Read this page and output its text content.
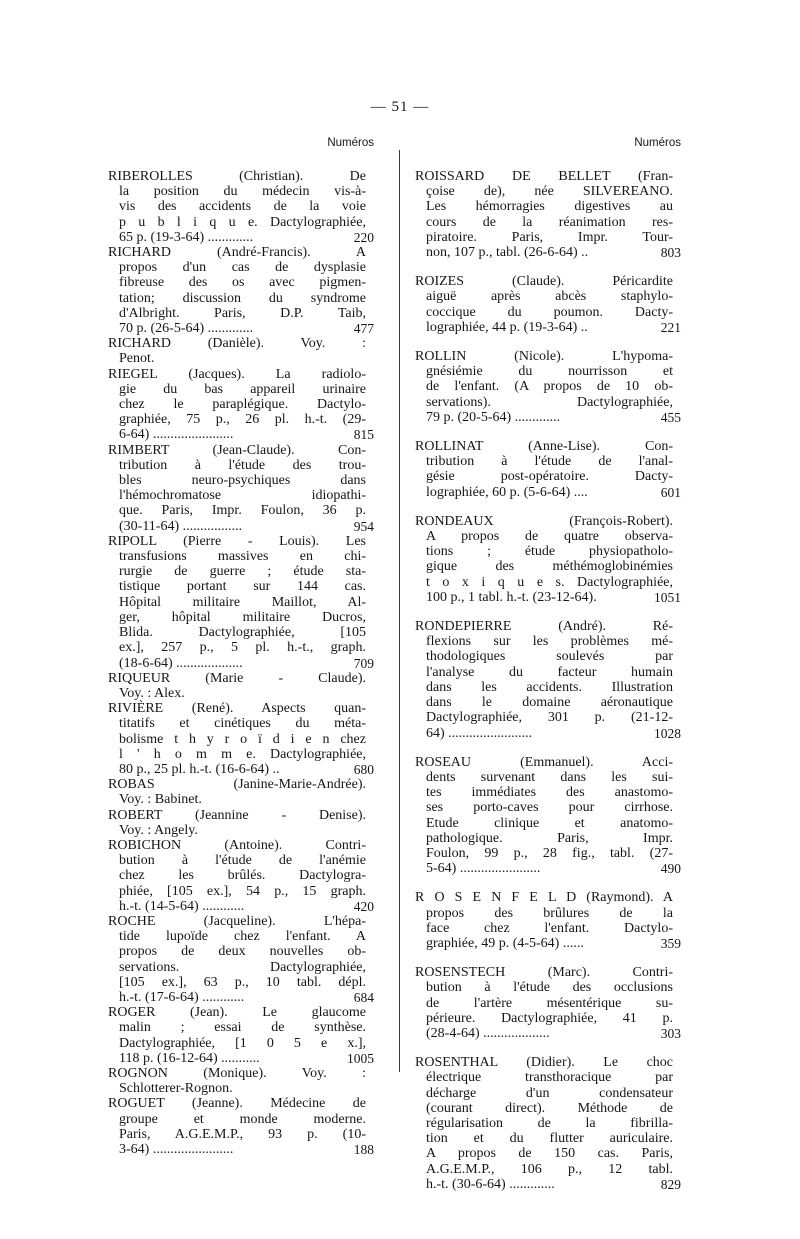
— 51 —
Numéros
RIBEROLLES (Christian). De
la position du médecin vis-à-
vis des accidents de la voie
p u b l i q u e. Dactylographiée,
65 p. (19-3-64) .............	220
RICHARD (André-Francis). A
propos d'un cas de dysplasie
fibreuse des os avec pigmen-
tation; discussion du syndrome
d'Albright. Paris, D.P. Taib,
70 p. (26-5-64) .............	477
RICHARD (Danièle). Voy. :
Penot.
RIEGEL (Jacques). La radiolo-
gie du bas appareil urinaire
chez le paraplégique. Dactylo-
graphiée, 75 p., 26 pl. h.-t. (29-
6-64) .......................	815
RIMBERT (Jean-Claude). Con-
tribution à l'étude des trou-
bles neuro-psychiques dans
l'hémochromatose idiopathi-
que. Paris, Impr. Foulon, 36 p.
(30-11-64) .................	954
RIPOLL (Pierre - Louis). Les
transfusions massives en chi-
rurgie de guerre ; étude sta-
tistique portant sur 144 cas.
Hôpital militaire Maillot, Al-
ger, hôpital militaire Ducros,
Blida. Dactylographiée, [105
ex.], 257 p., 5 pl. h.-t., graph.
(18-6-64) ...................	709
RIQUEUR (Marie - Claude).
Voy. : Alex.
RIVIÈRE (René). Aspects quan-
titatifs et cinétiques du méta-
bolisme t h y r o ï d i e n chez
l ' h o m m e. Dactylographiée,
80 p., 25 pl. h.-t. (16-6-64) ..	680
ROBAS (Janine-Marie-Andrée).
Voy. : Babinet.
ROBERT (Jeannine - Denise).
Voy. : Angely.
ROBICHON (Antoine). Contri-
bution à l'étude de l'anémie
chez les brûlés. Dactylogra-
phiée, [105 ex.], 54 p., 15 graph.
h.-t. (14-5-64) ............	420
ROCHE (Jacqueline). L'hépa-
tide lupoïde chez l'enfant. A
propos de deux nouvelles ob-
servations. Dactylographiée,
[105 ex.], 63 p., 10 tabl. dépl.
h.-t. (17-6-64) ............	684
ROGER (Jean). Le glaucome
malin ; essai de synthèse.
Dactylographiée, [1 0 5 e x.],
118 p. (16-12-64) ...........	1005
ROGNON (Monique). Voy. :
Schlotterer-Rognon.
ROGUET (Jeanne). Médecine de
groupe et monde moderne.
Paris, A.G.E.M.P., 93 p. (10-
3-64) .......................	188
Numéros
ROISSARD DE BELLET (Fran-
çoise de), née SILVEREANO.
Les hémorragies digestives au
cours de la réanimation res-
piratoire. Paris, Impr. Tour-
non, 107 p., tabl. (26-6-64) ..	803
ROIZES (Claude). Péricardite
aiguë après abcès staphylo-
coccique du poumon. Dacty-
lographiée, 44 p. (19-3-64) ..	221
ROLLIN (Nicole). L'hypoma-
gnésiémie du nourrisson et
de l'enfant. (A propos de 10 ob-
servations). Dactylographiée,
79 p. (20-5-64) .............	455
ROLLINAT (Anne-Lise). Con-
tribution à l'étude de l'anal-
gésie post-opératoire. Dacty-
lographiée, 60 p. (5-6-64) ....	601
RONDEAUX (François-Robert).
A propos de quatre observa-
tions ; étude physiopatholo-
gique des méthémoglobinémies
t o x i q u e s. Dactylographiée,
100 p., 1 tabl. h.-t. (23-12-64).	1051
RONDEPIERRE (André). Ré-
flexions sur les problèmes mé-
thodologiques soulevés par
l'analyse du facteur humain
dans les accidents. Illustration
dans le domaine aéronautique
Dactylographiée, 301 p. (21-12-
64) ........................	1028
ROSEAU (Emmanuel). Acci-
dents survenant dans les sui-
tes immédiates des anastomo-
ses porto-caves pour cirrhose.
Etude clinique et anatomo-
pathologique. Paris, Impr.
Foulon, 99 p., 28 fig., tabl. (27-
5-64) .......................	490
R O S E N F E L D (Raymond). A
propos des brûlures de la
face chez l'enfant. Dactylo-
graphiée, 49 p. (4-5-64) ......	359
ROSENSTECH (Marc). Contri-
bution à l'étude des occlusions
de l'artère mésentérique su-
périeure. Dactylographiée, 41 p.
(28-4-64) ...................	303
ROSENTHAL (Didier). Le choc
électrique transthoracique par
décharge d'un condensateur
(courant direct). Méthode de
régularisation de la fibrilla-
tion et du flutter auriculaire.
A propos de 150 cas. Paris,
A.G.E.M.P., 106 p., 12 tabl.
h.-t. (30-6-64) .............	829
